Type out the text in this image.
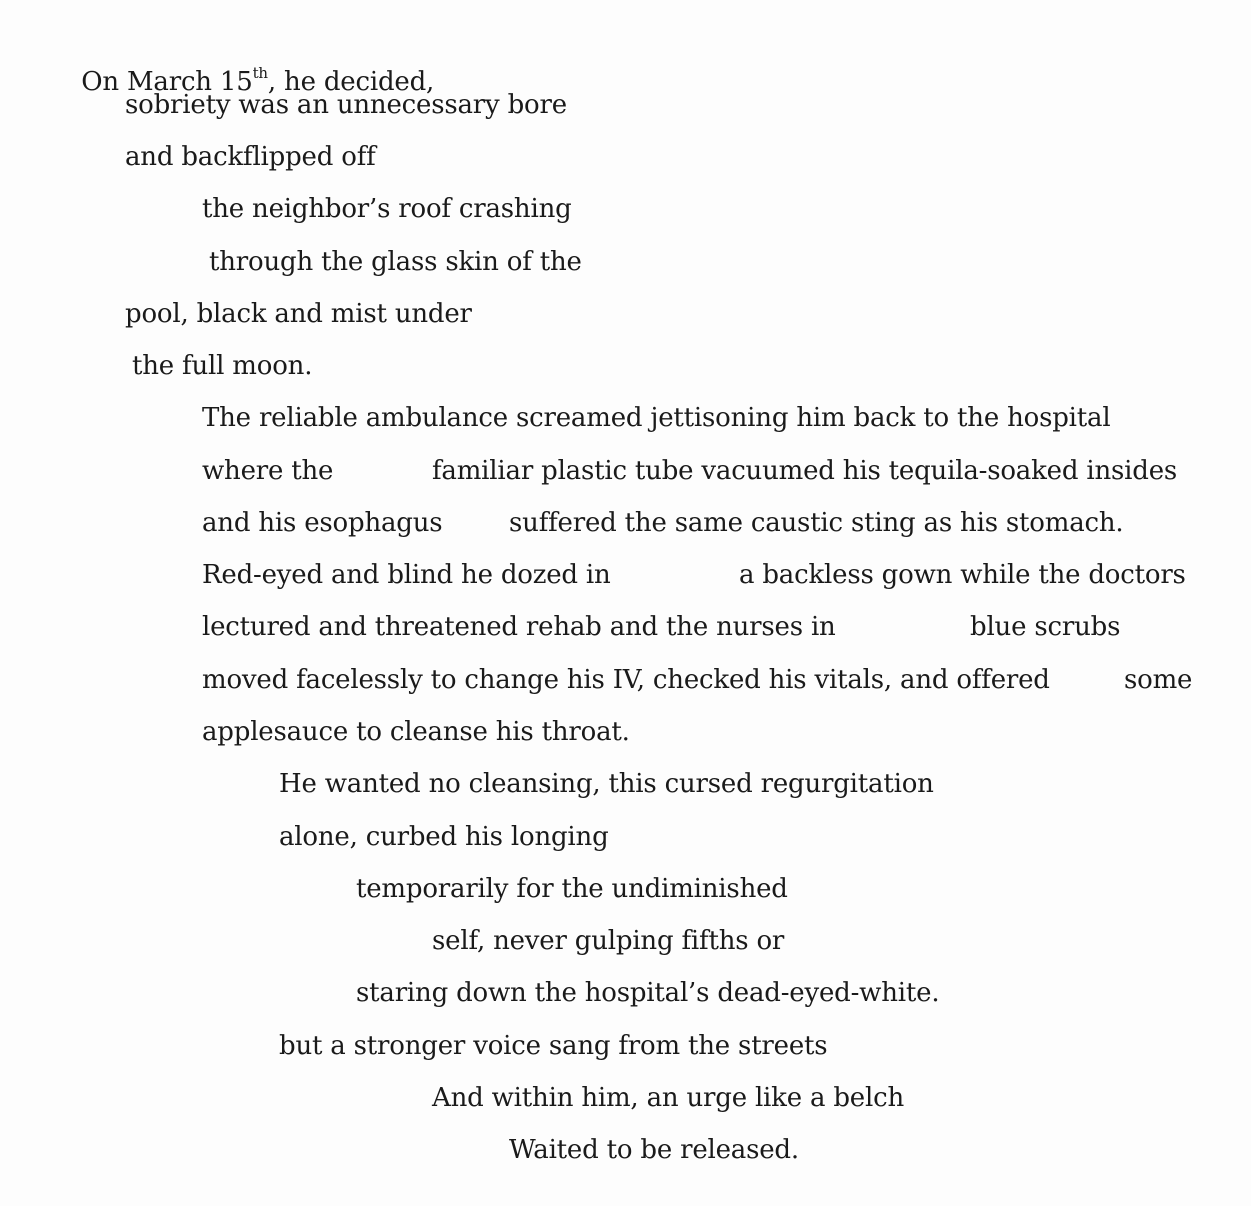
On March 15th, he decided,

sobriety was an unnecessary bore
and backflipped off
the neighbor’s roof crashing
through the glass skin of the
pool, black and mist under
the full moon.
The reliable ambulance screamed jettisoning him back to the hospital
where the	familiar plastic tube vacuumed his tequila-soaked insides
and his esophagus	suffered the same caustic sting as his stomach.
Red-eyed and blind he dozed in	a backless gown while the doctors
lectured and threatened rehab and the nurses in	blue scrubs
moved facelessly to change his IV, checked his vitals, and offered	some
applesauce to cleanse his throat.
He wanted no cleansing, this cursed regurgitation
alone, curbed his longing
temporarily for the undiminished
self, never gulping fifths or
staring down the hospital’s dead-eyed-white.
but a stronger voice sang from the streets
And within him, an urge like a belch
Waited to be released.
